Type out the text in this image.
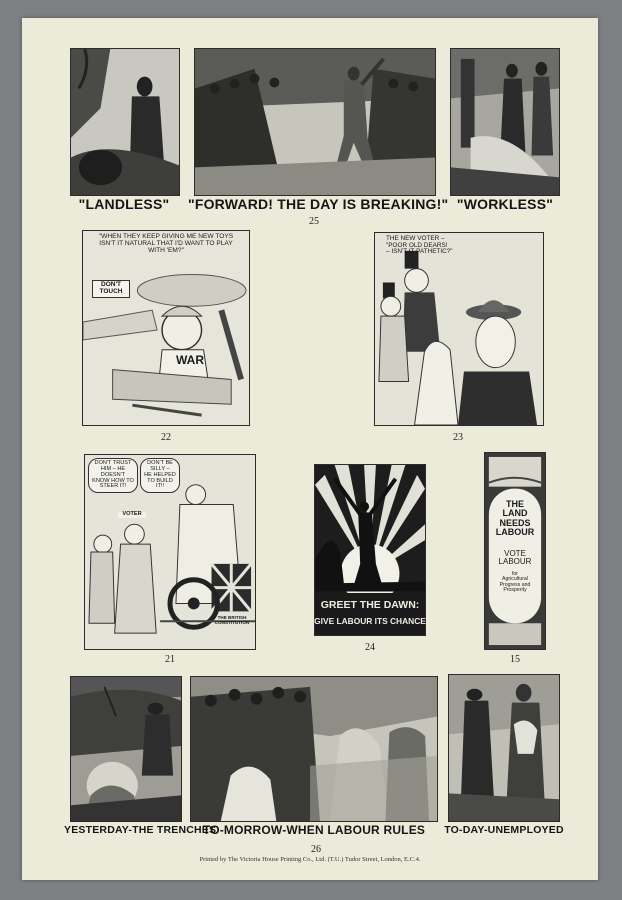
"LANDLESS"	"FORWARD! THE DAY IS BREAKING!" "WORKLESS"
25
"WHEN THEY KEEP GIVING ME NEW TOYS
ISN'T IT NATURAL THAT I'D WANT TO PLAY
WITH 'EM?"
DON'T
TOUCH
WAR
22
THE NEW VOTER –
"POOR OLD DEARS!
– ISN'T IT PATHETIC?"
23
DON'T TRUST
HIM – HE DOESN'T
KNOW HOW TO
STEER IT!
DON'T BE
SILLY –
HE HELPED
TO BUILD
IT!!
VOTER
THE BRITISH
CONSTITUTION
21
GREET THE DAWN:
GIVE LABOUR ITS CHANCE
24
THE
LAND
NEEDS
LABOUR
VOTE
LABOUR
for
Agricultural
Progress and
Prosperity
15
YESTERDAY-THE TRENCHES
TO-MORROW-WHEN LABOUR RULES	TO-DAY-UNEMPLOYED
26
Printed by The Victoria House Printing Co., Ltd. (T.U.) Tudor Street, London, E.C.4.
